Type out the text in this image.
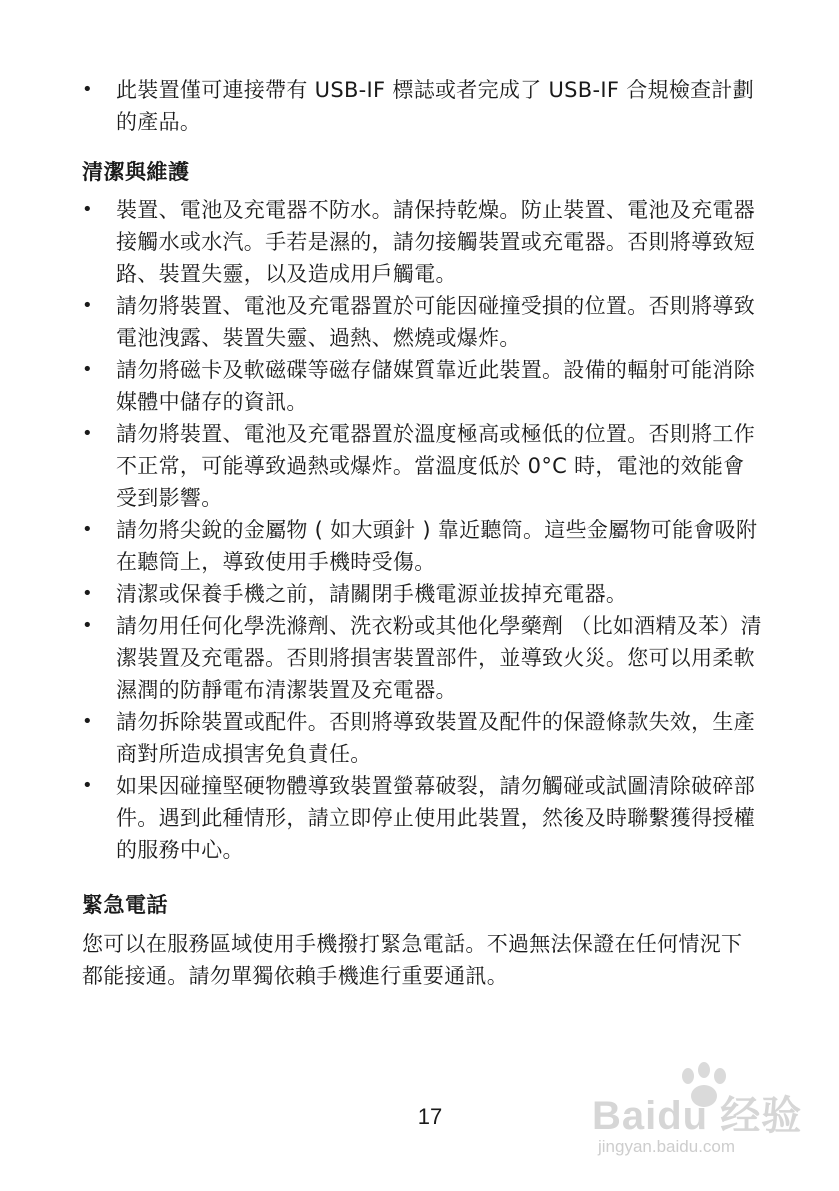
•	此裝置僅可連接帶有 USB-IF 標誌或者完成了 USB-IF 合規檢查計劃的產品。
清潔與維護
•	裝置、電池及充電器不防水。請保持乾燥。防止裝置、電池及充電器接觸水或水汽。手若是濕的，請勿接觸裝置或充電器。否則將導致短路、裝置失靈，以及造成用戶觸電。
•	請勿將裝置、電池及充電器置於可能因碰撞受損的位置。否則將導致電池洩露、裝置失靈、過熱、燃燒或爆炸。
•	請勿將磁卡及軟磁碟等磁存儲媒質靠近此裝置。設備的輻射可能消除媒體中儲存的資訊。
•	請勿將裝置、電池及充電器置於溫度極高或極低的位置。否則將工作不正常，可能導致過熱或爆炸。當溫度低於 0°C 時，電池的效能會受到影響。
•	請勿將尖銳的金屬物 ( 如大頭針 ) 靠近聽筒。這些金屬物可能會吸附在聽筒上，導致使用手機時受傷。
•	清潔或保養手機之前，請關閉手機電源並拔掉充電器。
•	請勿用任何化學洗滌劑、洗衣粉或其他化學藥劑 （比如酒精及苯）清潔裝置及充電器。否則將損害裝置部件，並導致火災。您可以用柔軟濕潤的防靜電布清潔裝置及充電器。
•	請勿拆除裝置或配件。否則將導致裝置及配件的保證條款失效，生產商對所造成損害免負責任。
•	如果因碰撞堅硬物體導致裝置螢幕破裂，請勿觸碰或試圖清除破碎部件。遇到此種情形，請立即停止使用此裝置，然後及時聯繫獲得授權的服務中心。
緊急電話
您可以在服務區域使用手機撥打緊急電話。不過無法保證在任何情況下都能接通。請勿單獨依賴手機進行重要通訊。
17	Baidu 经验
jingyan.baidu.com
